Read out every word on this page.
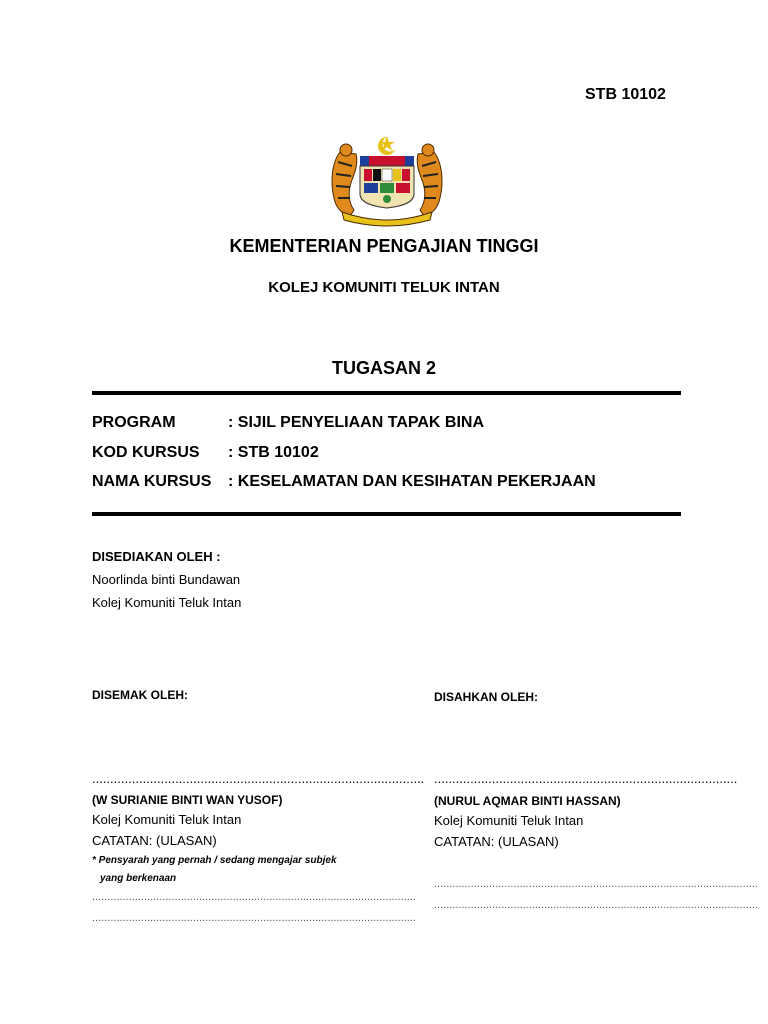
STB 10102
KEMENTERIAN PENGAJIAN TINGGI
KOLEJ KOMUNITI TELUK INTAN
TUGASAN 2
PROGRAM	: SIJIL PENYELIAAN TAPAK BINA
KOD KURSUS : STB 10102
NAMA KURSUS : KESELAMATAN DAN KESIHATAN PEKERJAAN
DISEDIAKAN OLEH :
Noorlinda binti Bundawan
Kolej Komuniti Teluk Intan
DISEMAK OLEH:
............................................................................................
(W SURIANIE BINTI WAN YUSOF)
Kolej Komuniti Teluk Intan
CATATAN: (ULASAN)
* Pensyarah yang pernah / sedang mengajar subjek
yang berkenaan
..........................................................................................................
..........................................................................................................
DISAHKAN OLEH:
....................................................................................
(NURUL AQMAR BINTI HASSAN)
Kolej Komuniti Teluk Intan
CATATAN: (ULASAN)
..........................................................................................................
..........................................................................................................
